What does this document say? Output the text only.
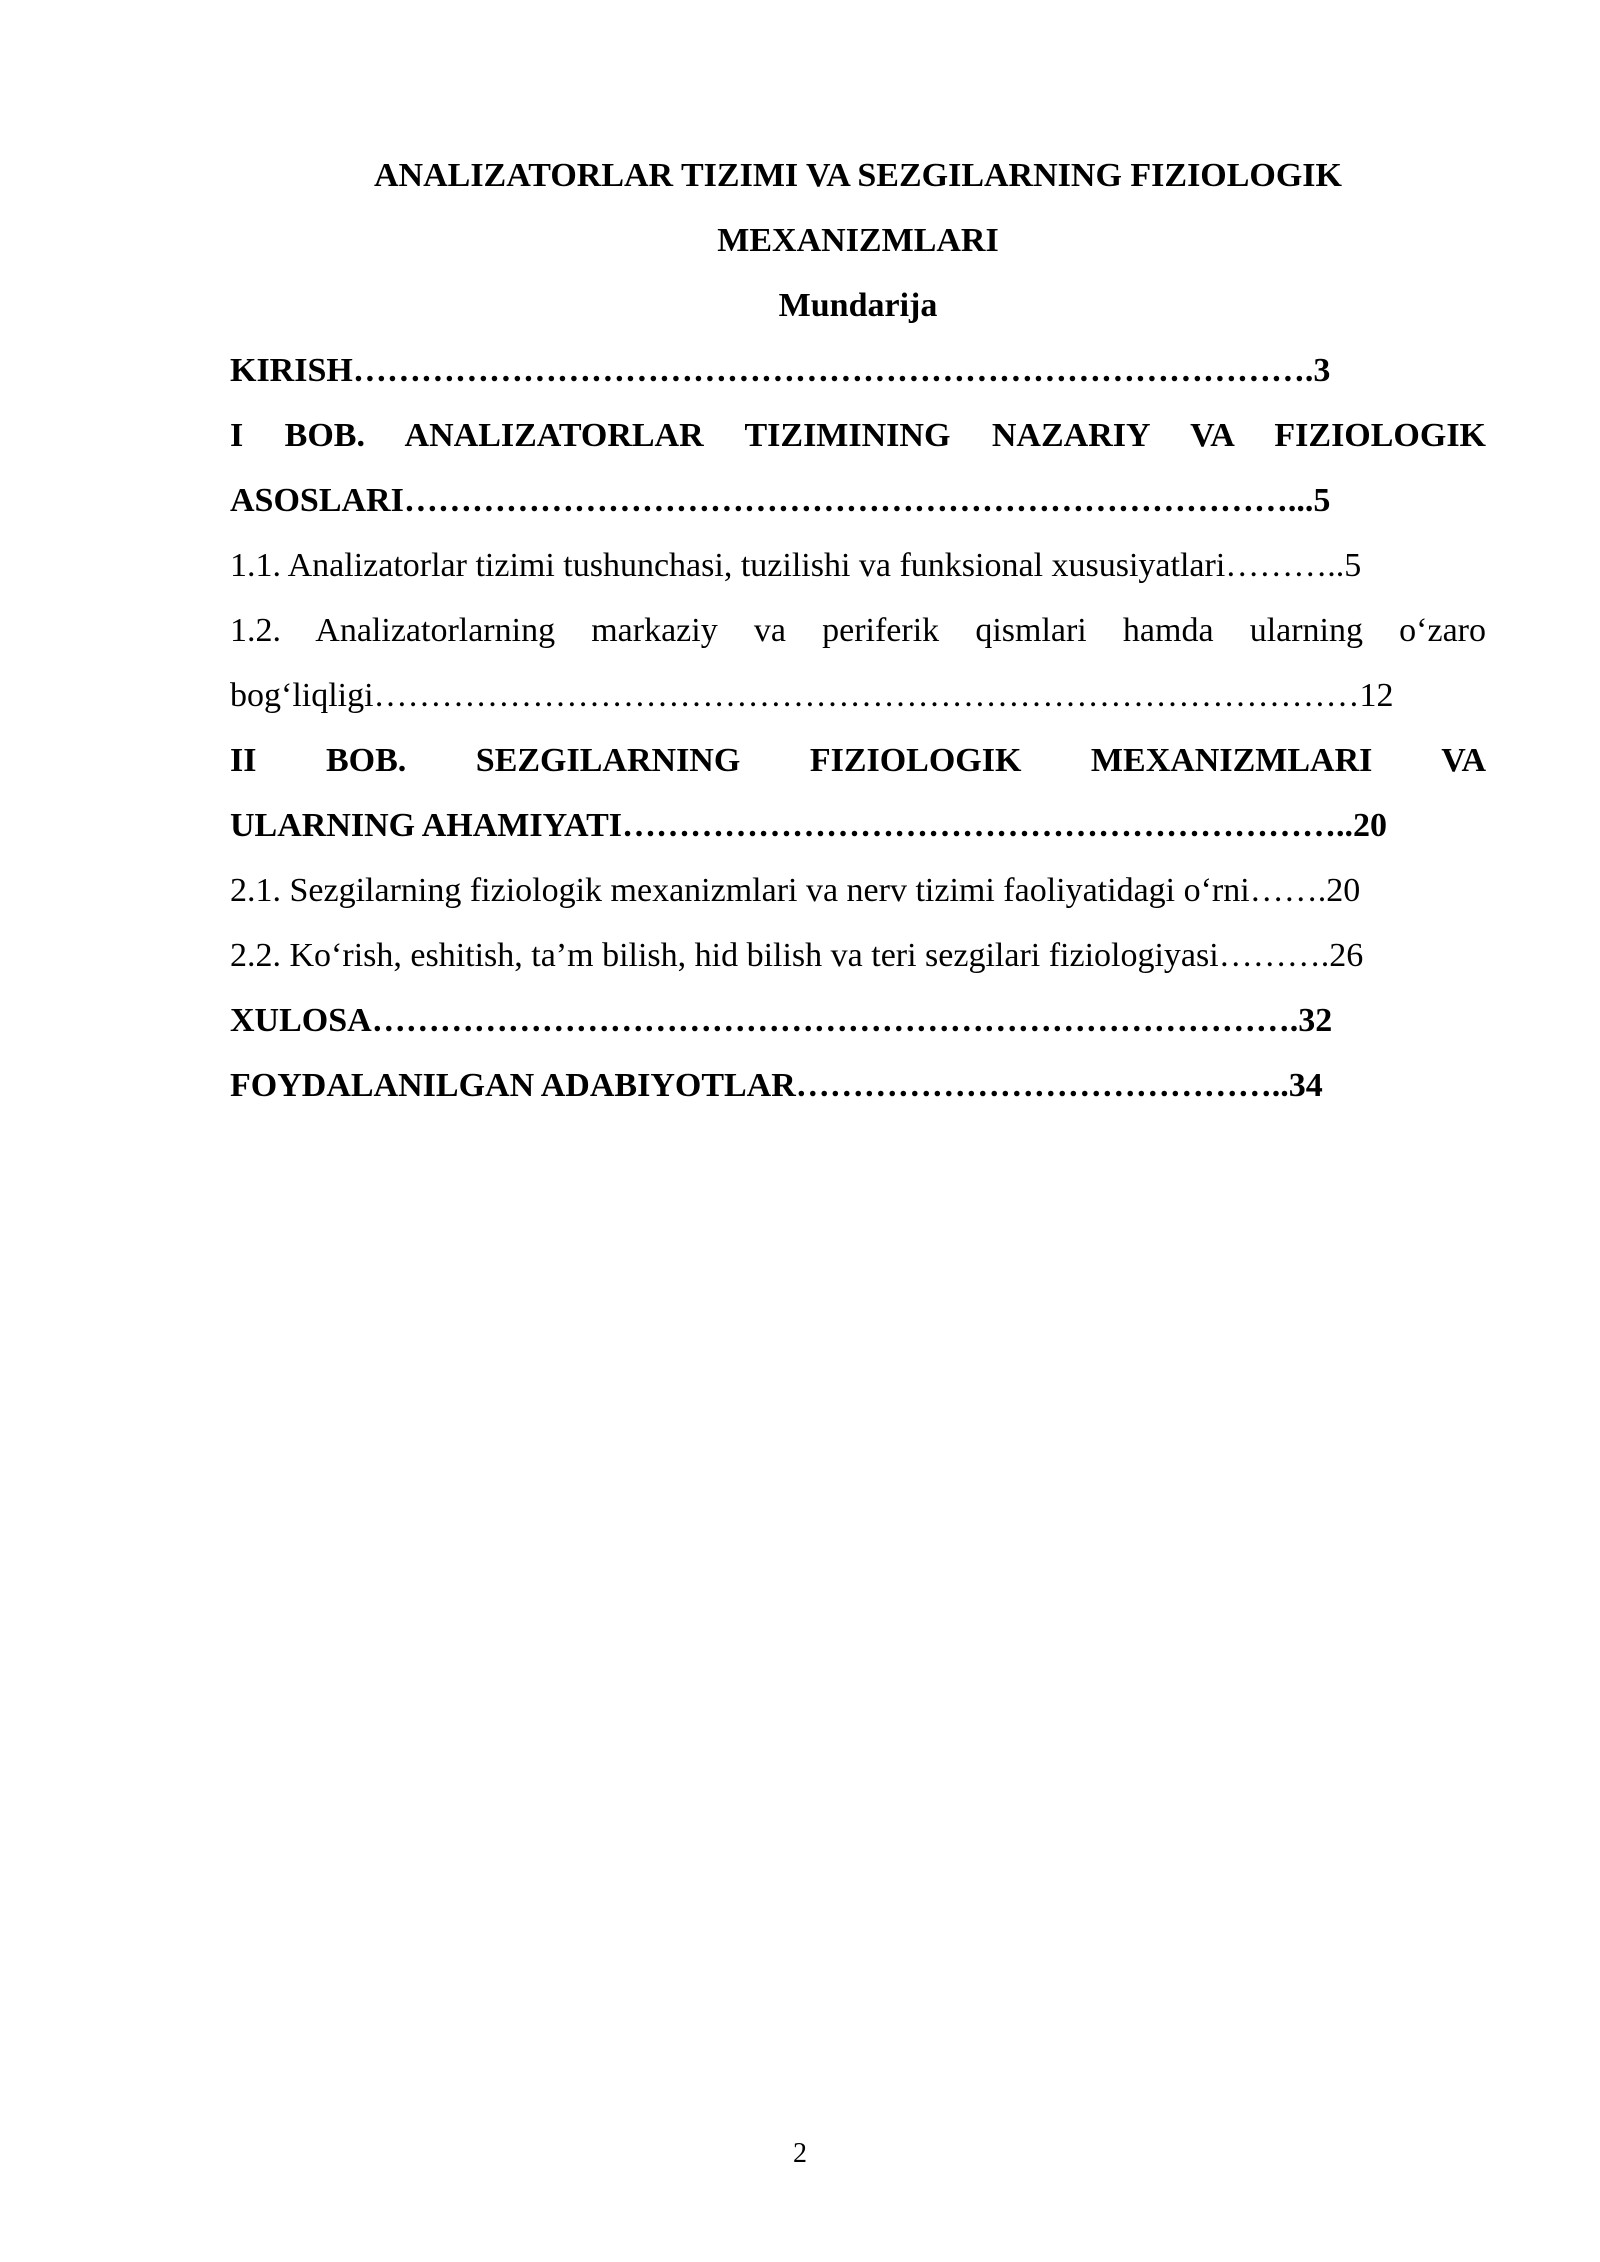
ANALIZATORLAR TIZIMI VA SEZGILARNING FIZIOLOGIK
MEXANIZMLARI
Mundarija
KIRISH………………………………………………………………………….3
I BOB. ANALIZATORLAR TIZIMINING NAZARIY VA FIZIOLOGIK
ASOSLARI……………………………………………………………………...5
1.1. Analizatorlar tizimi tushunchasi, tuzilishi va funksional xususiyatlari………..5
1.2. Analizatorlarning markaziy va periferik qismlari hamda ularning o‘zaro
bog‘liqligi……………………………………………………………………………12
II BOB. SEZGILARNING FIZIOLOGIK MEXANIZMLARI VA
ULARNING AHAMIYATI………………………………………………………..20
2.1. Sezgilarning fiziologik mexanizmlari va nerv tizimi faoliyatidagi o‘rni…….20
2.2. Ko‘rish, eshitish, ta’m bilish, hid bilish va teri sezgilari fiziologiyasi……….26
XULOSA……………………………………………………………………….32
FOYDALANILGAN ADABIYOTLAR……………………………………..34
2
